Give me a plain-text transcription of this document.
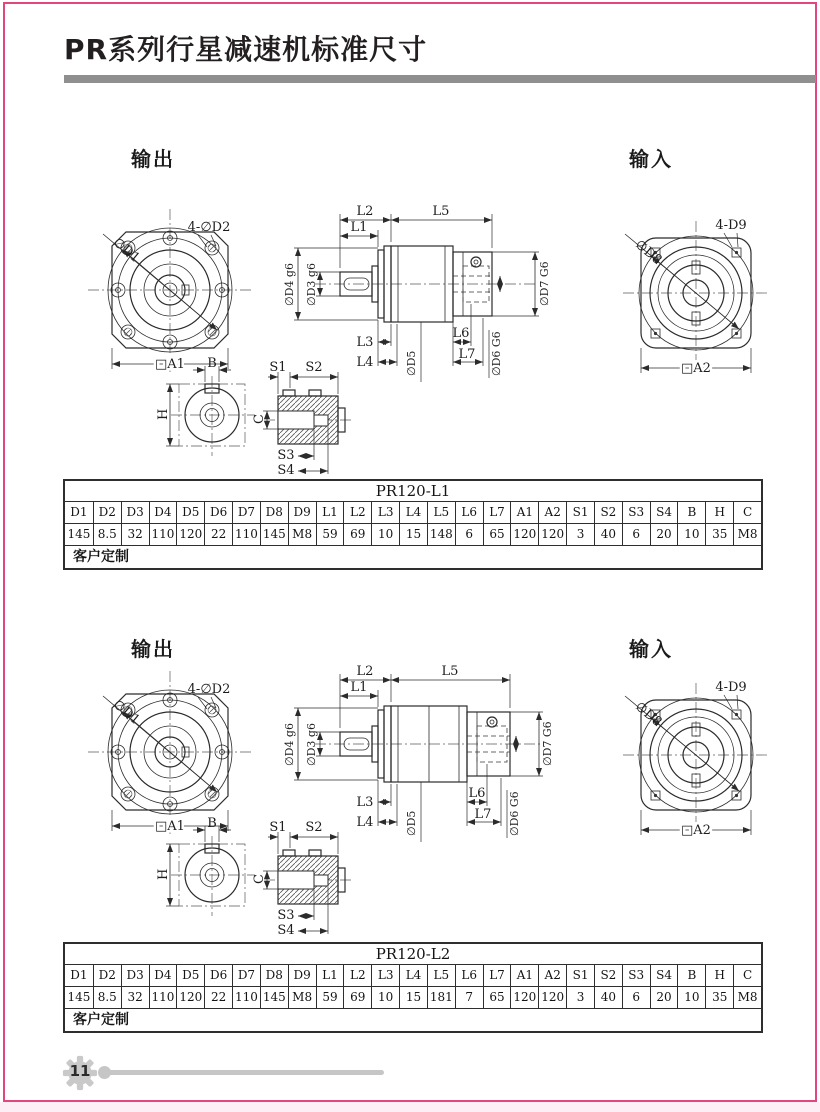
PR系列行星减速机标准尺寸
输出	输入
∅D1
4-∅D2
□A1
L2
L1
L5
∅D4 g6 ∅D3 g6	∅D7 G6
L3
L4	∅D5
L6
L7 ∅D6 G6
∅D8
4-D9
□A2
B
H
S1 S2
C
S3
S4
PR120-L1
D1 D2 D3 D4 D5 D6 D7 D8 D9 L1	L2	L3	L4	L5	L6	L7 A1 A2 S1 S2 S3 S4	B	H	C
145 8.5 32 110 120 22 110 145 M8 59	69	10	15 148	6	65 120 120	3	40	6	20	10	35 M8
客户定制
输出	输入
∅D1
4-∅D2
□A1
L2
L1
L5
∅D4 g6 ∅D3 g6	∅D7 G6
L3
L4	∅D5
L6
L7 ∅D6 G6
∅D8
4-D9
□A2
B
H
S1 S2
C
S3
S4
PR120-L2
D1 D2 D3 D4 D5 D6 D7 D8 D9 L1	L2	L3	L4	L5	L6	L7 A1 A2 S1 S2 S3 S4	B	H	C
145 8.5 32 110 120 22 110 145 M8 59	69	10	15 181	7	65 120 120	3	40	6	20	10	35 M8
客户定制
11
